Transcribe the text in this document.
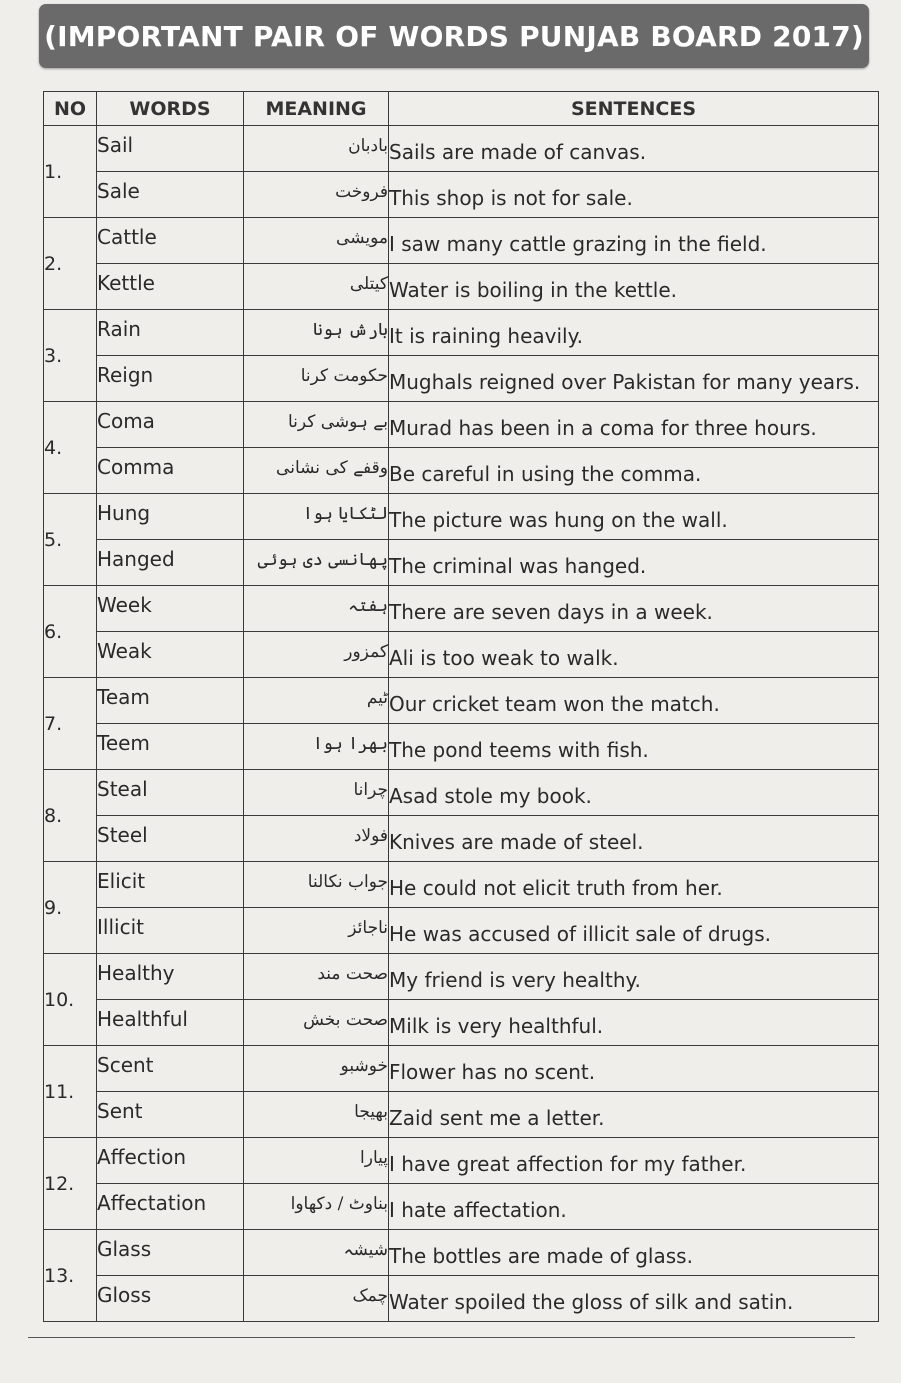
(IMPORTANT PAIR OF WORDS PUNJAB BOARD 2017)
NO	WORDS	MEANING	SENTENCES
1.	Sail	بادبان	Sails are made of canvas.
	Sale	فروخت	This shop is not for sale.
2.	Cattle	مویشی	I saw many cattle grazing in the field.
	Kettle	کیتلی	Water is boiling in the kettle.
3.	Rain	بارش ہونا	It is raining heavily.
	Reign	حکومت کرنا	Mughals reigned over Pakistan for many years.
4.	Coma	بے ہوشی کرنا	Murad has been in a coma for three hours.
	Comma	وقفے کی نشانی	Be careful in using the comma.
5.	Hung	لٹکایا ہوا	The picture was hung on the wall.
	Hanged	پھانسی دی ہوئی	The criminal was hanged.
6.	Week	ہفتہ	There are seven days in a week.
	Weak	کمزور	Ali is too weak to walk.
7.	Team	ٹیم	Our cricket team won the match.
	Teem	بھرا ہوا	The pond teems with fish.
8.	Steal	چرانا	Asad stole my book.
	Steel	فولاد	Knives are made of steel.
9.	Elicit	جواب نکالنا	He could not elicit truth from her.
	Illicit	ناجائز	He was accused of illicit sale of drugs.
10.	Healthy	صحت مند	My friend is very healthy.
	Healthful	صحت بخش	Milk is very healthful.
11.	Scent	خوشبو	Flower has no scent.
	Sent	بھیجا	Zaid sent me a letter.
12.	Affection	پیارا	I have great affection for my father.
	Affectation	بناوٹ / دکھاوا	I hate affectation.
13.	Glass	شیشہ	The bottles are made of glass.
	Gloss	چمک	Water spoiled the gloss of silk and satin.
